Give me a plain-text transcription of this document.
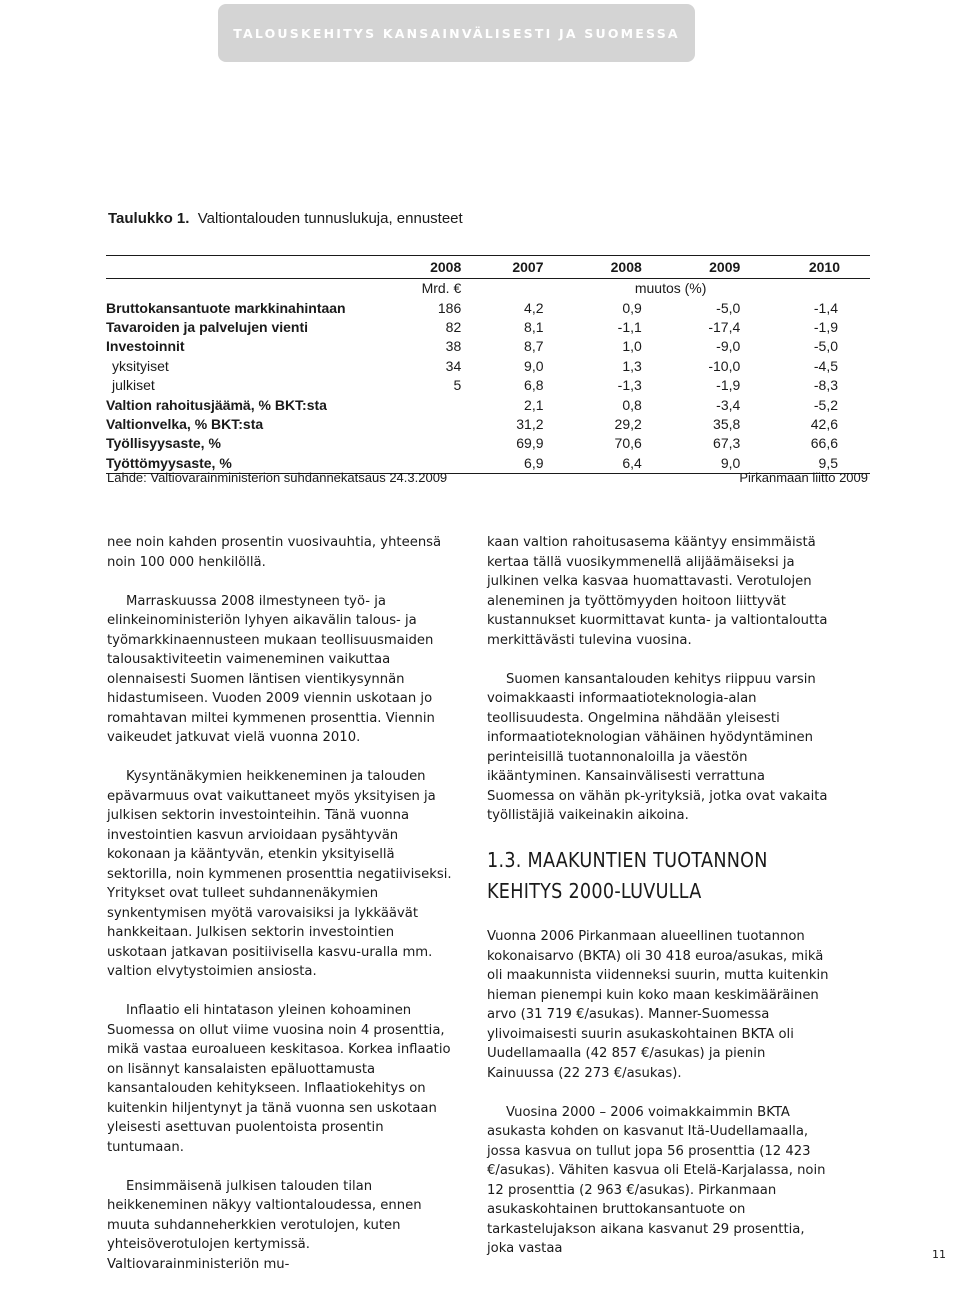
TALOUSKEHITYS KANSAINVÄLISESTI JA SUOMESSA
Taulukko 1. Valtiontalouden tunnuslukuja, ennusteet
	2008	2007	2008	2009	2010
	Mrd. €	muutos (%)			
Bruttokansantuote markkinahintaan	186	4,2	0,9	-5,0	-1,4
Tavaroiden ja palvelujen vienti	82	8,1	-1,1	-17,4	-1,9
Investoinnit	38	8,7	1,0	-9,0	-5,0
yksityiset	34	9,0	1,3	-10,0	-4,5
julkiset	5	6,8	-1,3	-1,9	-8,3
Valtion rahoitusjäämä, % BKT:sta		2,1	0,8	-3,4	-5,2
Valtionvelka, % BKT:sta		31,2	29,2	35,8	42,6
Työllisyysaste, %		69,9	70,6	67,3	66,6
Työttömyysaste, %		6,9	6,4	9,0	9,5
Lähde: Valtiovarainministeriön suhdannekatsaus 24.3.2009	Pirkanmaan liitto 2009

nee noin kahden prosentin vuosivauhtia, yhteensä noin 100 000 henkilöllä.

Marraskuussa 2008 ilmestyneen työ- ja elinkeinoministeriön lyhyen aikavälin talous- ja työmarkkinaennusteen mukaan teollisuusmaiden talousaktiviteetin vaimeneminen vaikuttaa olennaisesti Suomen läntisen vientikysynnän hidastumiseen. Vuoden 2009 viennin uskotaan jo romahtavan miltei kymmenen prosenttia. Viennin vaikeudet jatkuvat vielä vuonna 2010.

Kysyntänäkymien heikkeneminen ja talouden epävarmuus ovat vaikuttaneet myös yksityisen ja julkisen sektorin investointeihin. Tänä vuonna investointien kasvun arvioidaan pysähtyvän kokonaan ja kääntyvän, etenkin yksityisellä sektorilla, noin kymmenen prosenttia negatiiviseksi. Yritykset ovat tulleet suhdannenäkymien synkentymisen myötä varovaisiksi ja lykkäävät hankkeitaan. Julkisen sektorin investointien uskotaan jatkavan positiivisella kasvu-uralla mm. valtion elvytystoimien ansiosta.

Inflaatio eli hintatason yleinen kohoaminen Suomessa on ollut viime vuosina noin 4 prosenttia, mikä vastaa euroalueen keskitasoa. Korkea inflaatio on lisännyt kansalaisten epäluottamusta kansantalouden kehitykseen. Inflaatiokehitys on kuitenkin hiljentynyt ja tänä vuonna sen uskotaan yleisesti asettuvan puolentoista prosentin tuntumaan.

Ensimmäisenä julkisen talouden tilan heikkeneminen näkyy valtiontaloudessa, ennen muuta suhdanneherkkien verotulojen, kuten yhteisöverotulojen kertymissä. Valtiovarainministeriön mu-

kaan valtion rahoitusasema kääntyy ensimmäistä kertaa tällä vuosikymmenellä alijäämäiseksi ja julkinen velka kasvaa huomattavasti. Verotulojen aleneminen ja työttömyyden hoitoon liittyvät kustannukset kuormittavat kunta- ja valtiontaloutta merkittävästi tulevina vuosina.

Suomen kansantalouden kehitys riippuu varsin voimakkaasti informaatioteknologia-alan teollisuudesta. Ongelmina nähdään yleisesti informaatioteknologian vähäinen hyödyntäminen perinteisillä tuotannonaloilla ja väestön ikääntyminen. Kansainvälisesti verrattuna Suomessa on vähän pk-yrityksiä, jotka ovat vakaita työllistäjiä vaikeinakin aikoina.

1.3. MAAKUNTIEN TUOTANNON KEHITYS 2000-LUVULLA

Vuonna 2006 Pirkanmaan alueellinen tuotannon kokonaisarvo (BKTA) oli 30 418 euroa/asukas, mikä oli maakunnista viidenneksi suurin, mutta kuitenkin hieman pienempi kuin koko maan keskimääräinen arvo (31 719 €/asukas). Manner-Suomessa ylivoimaisesti suurin asukaskohtainen BKTA oli Uudellamaalla (42 857 €/asukas) ja pienin Kainuussa (22 273 €/asukas).

Vuosina 2000 – 2006 voimakkaimmin BKTA asukasta kohden on kasvanut Itä-Uudellamaalla, jossa kasvua on tullut jopa 56 prosenttia (12 423 €/asukas). Vähiten kasvua oli Etelä-Karjalassa, noin 12 prosenttia (2 963 €/asukas). Pirkanmaan asukaskohtainen bruttokansantuote on tarkastelujakson aikana kasvanut 29 prosenttia, joka vastaa	11
